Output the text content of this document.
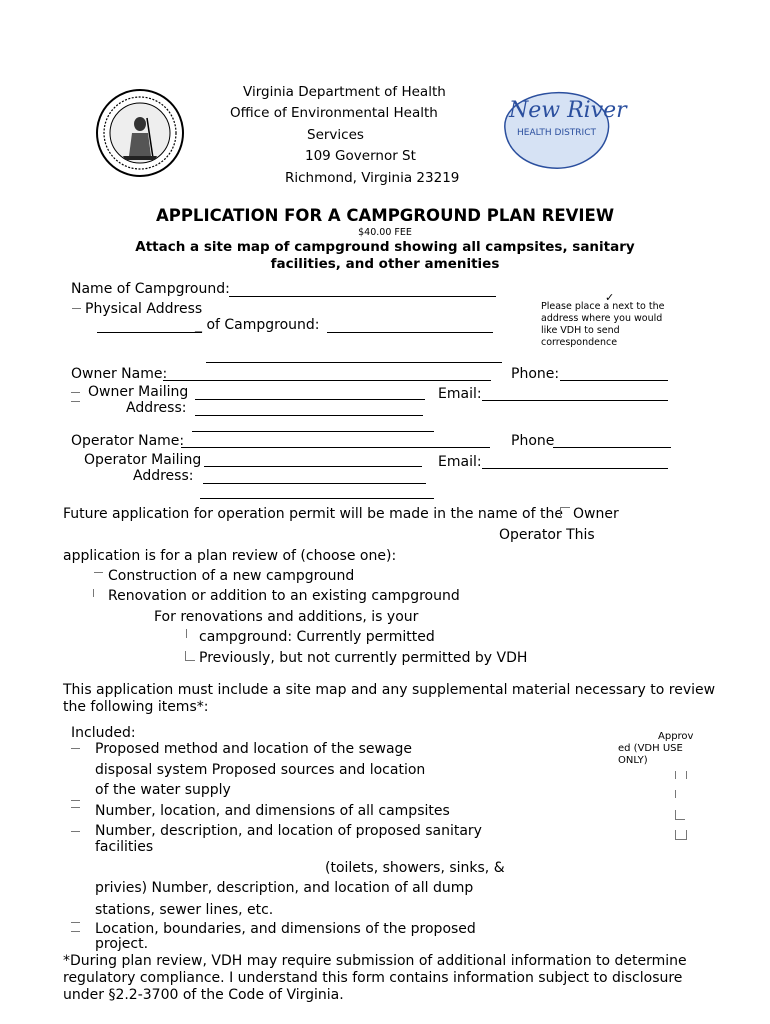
Virginia Department of Health
Office of Environmental Health
Services
109 Governor St
Richmond, Virginia 23219
New River
HEALTH DISTRICT
APPLICATION FOR A CAMPGROUND PLAN REVIEW
$40.00 FEE
Attach a site map of campground showing all campsites, sanitary
facilities, and other amenities
Name of Campground:
Physical Address
_ of Campground:
Please place a next to the address where you would like VDH to send correspondence
✓
Owner Name:	Phone:
Owner Mailing	Email:
Address:
Operator Name:	Phone
Operator Mailing	Email:
Address:
Future application for operation permit will be made in the name of the Owner
Operator This
application is for a plan review of (choose one):
Construction of a new campground
Renovation or addition to an existing campground
For renovations and additions, is your
campground: Currently permitted
Previously, but not currently permitted by VDH
This application must include a site map and any supplemental material necessary to review
the following items*:
Included:	Approv
ed (VDH USE
ONLY)
Proposed method and location of the sewage
disposal system Proposed sources and location
of the water supply
Number, location, and dimensions of all campsites
Number, description, and location of proposed sanitary
facilities
(toilets, showers, sinks, &
privies) Number, description, and location of all dump
stations, sewer lines, etc.
Location, boundaries, and dimensions of the proposed
project.
*During plan review, VDH may require submission of additional information to determine
regulatory compliance. I understand this form contains information subject to disclosure
under §2.2-3700 of the Code of Virginia.
